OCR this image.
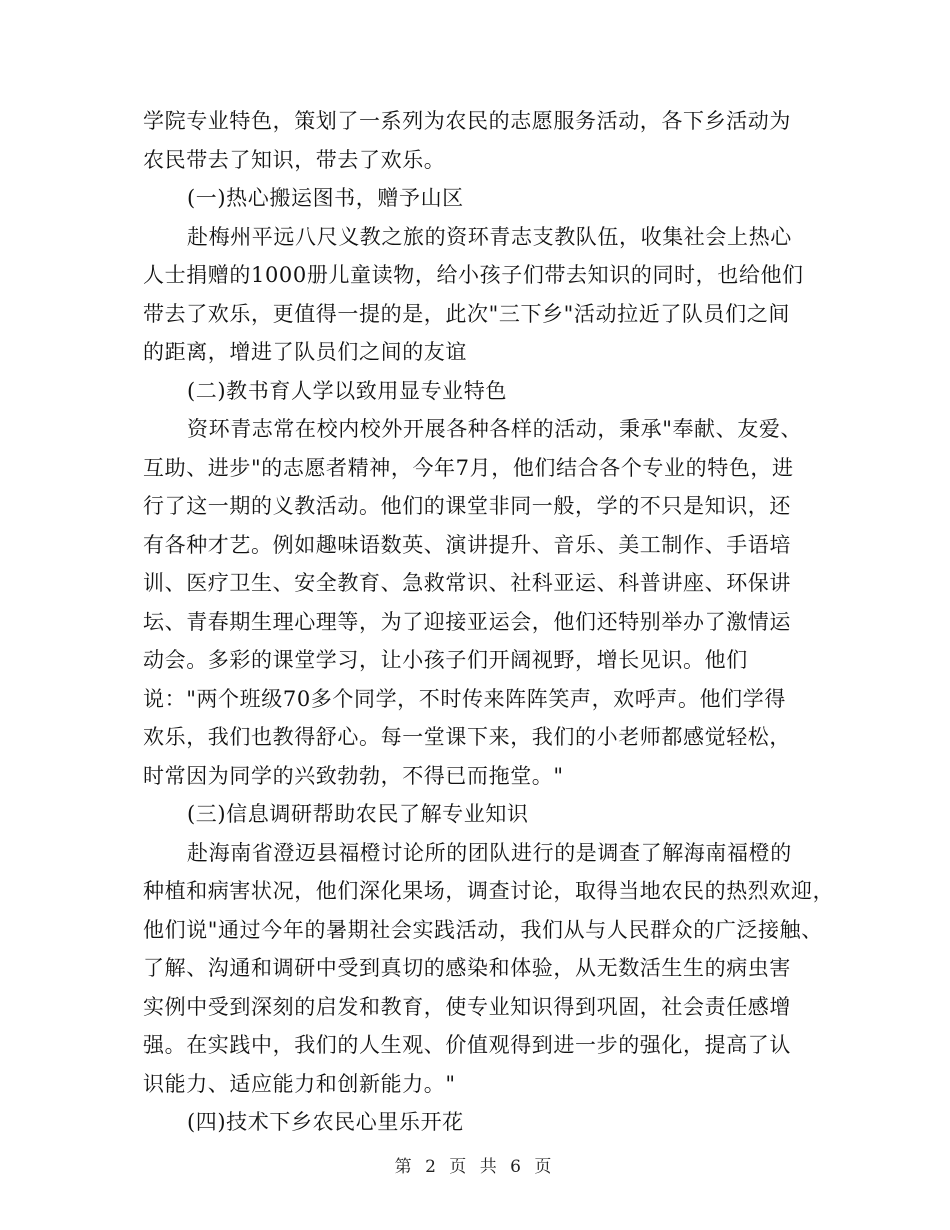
学院专业特色，策划了一系列为农民的志愿服务活动，各下乡活动为
农民带去了知识，带去了欢乐。
(一)热心搬运图书，赠予山区
赴梅州平远八尺义教之旅的资环青志支教队伍，收集社会上热心
人士捐赠的1000册儿童读物，给小孩子们带去知识的同时，也给他们
带去了欢乐，更值得一提的是，此次"三下乡"活动拉近了队员们之间
的距离，增进了队员们之间的友谊
(二)教书育人学以致用显专业特色
资环青志常在校内校外开展各种各样的活动，秉承"奉献、友爱、
互助、进步"的志愿者精神，今年7月，他们结合各个专业的特色，进
行了这一期的义教活动。他们的课堂非同一般，学的不只是知识，还
有各种才艺。例如趣味语数英、演讲提升、音乐、美工制作、手语培
训、医疗卫生、安全教育、急救常识、社科亚运、科普讲座、环保讲
坛、青春期生理心理等，为了迎接亚运会，他们还特别举办了激情运
动会。多彩的课堂学习，让小孩子们开阔视野，增长见识。他们
说："两个班级70多个同学，不时传来阵阵笑声，欢呼声。他们学得
欢乐，我们也教得舒心。每一堂课下来，我们的小老师都感觉轻松，
时常因为同学的兴致勃勃，不得已而拖堂。"
(三)信息调研帮助农民了解专业知识
赴海南省澄迈县福橙讨论所的团队进行的是调查了解海南福橙的
种植和病害状况，他们深化果场，调查讨论，取得当地农民的热烈欢迎，
他们说"通过今年的暑期社会实践活动，我们从与人民群众的广泛接触、
了解、沟通和调研中受到真切的感染和体验，从无数活生生的病虫害
实例中受到深刻的启发和教育，使专业知识得到巩固，社会责任感增
强。在实践中，我们的人生观、价值观得到进一步的强化，提高了认
识能力、适应能力和创新能力。"
(四)技术下乡农民心里乐开花
第 2 页 共 6 页
